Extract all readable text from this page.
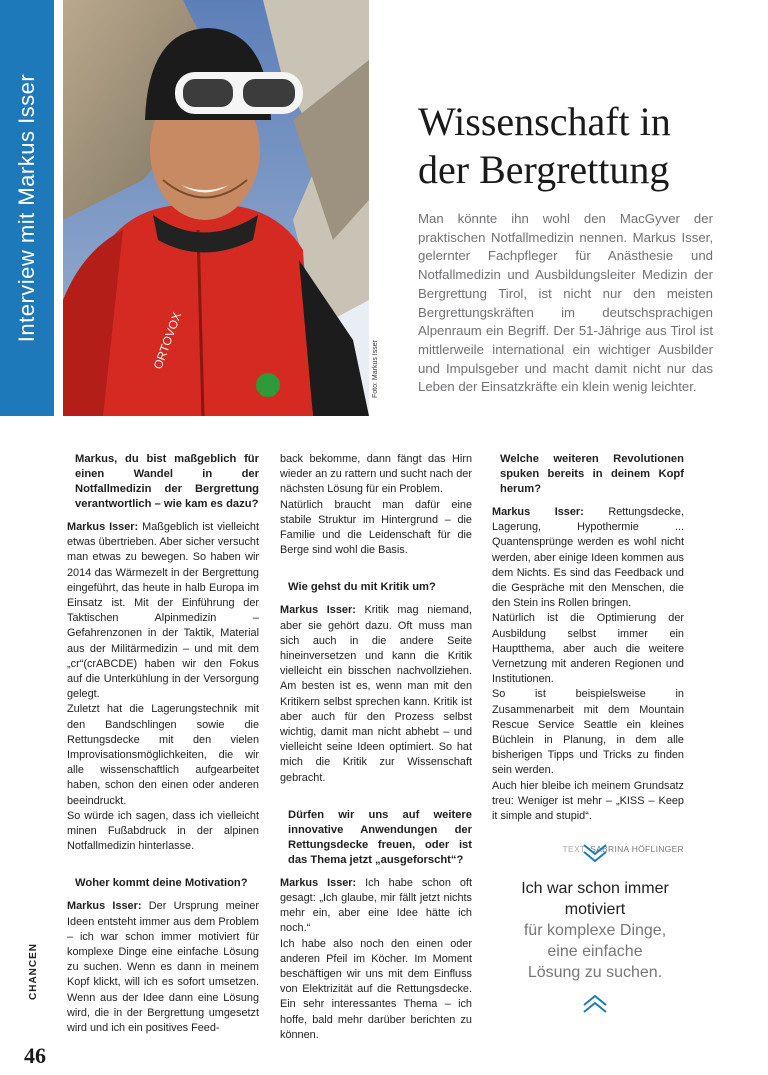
Interview mit Markus Isser	ORTOVOX	Foto: Markus Isser
Wissenschaft in
der Bergrettung

Man könnte ihn wohl den MacGyver der praktischen Notfallmedizin nennen. Markus Isser, gelernter Fachpfleger für Anästhesie und Notfallmedizin und Ausbildungsleiter Medizin der Bergrettung Tirol, ist nicht nur den meisten Bergrettungskräften im deutschsprachigen Alpenraum ein Begriff. Der 51-Jährige aus Tirol ist mittlerweile international ein wichtiger Ausbilder und Impulsgeber und macht damit nicht nur das Leben der Einsatzkräfte ein klein wenig leichter.

Markus, du bist maßgeblich für einen Wandel in der Notfallmedizin der Bergrettung verantwortlich – wie kam es dazu?

Markus Isser: Maßgeblich ist vielleicht etwas übertrieben. Aber sicher versucht man etwas zu bewegen. So haben wir 2014 das Wärmezelt in der Bergrettung eingeführt, das heute in halb Europa im Einsatz ist. Mit der Einführung der Taktischen Alpinmedizin – Gefahrenzonen in der Taktik, Material aus der Militärmedizin – und mit dem „cr“(crABCDE) haben wir den Fokus auf die Unterkühlung in der Versorgung gelegt.

Zuletzt hat die Lagerungstechnik mit den Bandschlingen sowie die Rettungsdecke mit den vielen Improvisationsmöglichkeiten, die wir alle wissenschaftlich aufgearbeitet haben, schon den einen oder anderen beeindruckt.

So würde ich sagen, dass ich vielleicht minen Fußabdruck in der alpinen Notfallmedizin hinterlasse.

Woher kommt deine Motivation?

Markus Isser: Der Ursprung meiner Ideen entsteht immer aus dem Problem – ich war schon immer motiviert für komplexe Dinge eine einfache Lösung zu suchen. Wenn es dann in meinem Kopf klickt, will ich es sofort umsetzen. Wenn aus der Idee dann eine Lösung wird, die in der Bergrettung umgesetzt wird und ich ein positives Feed-

back bekomme, dann fängt das Hirn wieder an zu rattern und sucht nach der nächsten Lösung für ein Problem.

Natürlich braucht man dafür eine stabile Struktur im Hintergrund – die Familie und die Leidenschaft für die Berge sind wohl die Basis.

Wie gehst du mit Kritik um?

Markus Isser: Kritik mag niemand, aber sie gehört dazu. Oft muss man sich auch in die andere Seite hineinversetzen und kann die Kritik vielleicht ein bisschen nachvollziehen. Am besten ist es, wenn man mit den Kritikern selbst sprechen kann. Kritik ist aber auch für den Prozess selbst wichtig, damit man nicht abhebt – und vielleicht seine Ideen optimiert. So hat mich die Kritik zur Wissenschaft gebracht.

Dürfen wir uns auf weitere innovative Anwendungen der Rettungsdecke freuen, oder ist das Thema jetzt „ausgeforscht“?

Markus Isser: Ich habe schon oft gesagt: „Ich glaube, mir fällt jetzt nichts mehr ein, aber eine Idee hätte ich noch.“

Ich habe also noch den einen oder anderen Pfeil im Köcher. Im Moment beschäftigen wir uns mit dem Einfluss von Elektrizität auf die Rettungsdecke. Ein sehr interessantes Thema – ich hoffe, bald mehr darüber berichten zu können.

Welche weiteren Revolutionen spuken bereits in deinem Kopf herum?

Markus Isser: Rettungsdecke, Lagerung, Hypothermie ... Quantensprünge werden es wohl nicht werden, aber einige Ideen kommen aus dem Nichts. Es sind das Feedback und die Gespräche mit den Menschen, die den Stein ins Rollen bringen.

Natürlich ist die Optimierung der Ausbildung selbst immer ein Hauptthema, aber auch die weitere Vernetzung mit anderen Regionen und Institutionen.

So ist beispielsweise in Zusammenarbeit mit dem Mountain Rescue Service Seattle ein kleines Büchlein in Planung, in dem alle bisherigen Tipps und Tricks zu finden sein werden.

Auch hier bleibe ich meinem Grundsatz treu: Weniger ist mehr – „KISS – Keep it simple and stupid“.

TEXT SABRINA HÖFLINGER
Ich war schon immer
motiviert
für komplexe Dinge,
eine einfache
Lösung zu suchen.
CHANCEN
46
